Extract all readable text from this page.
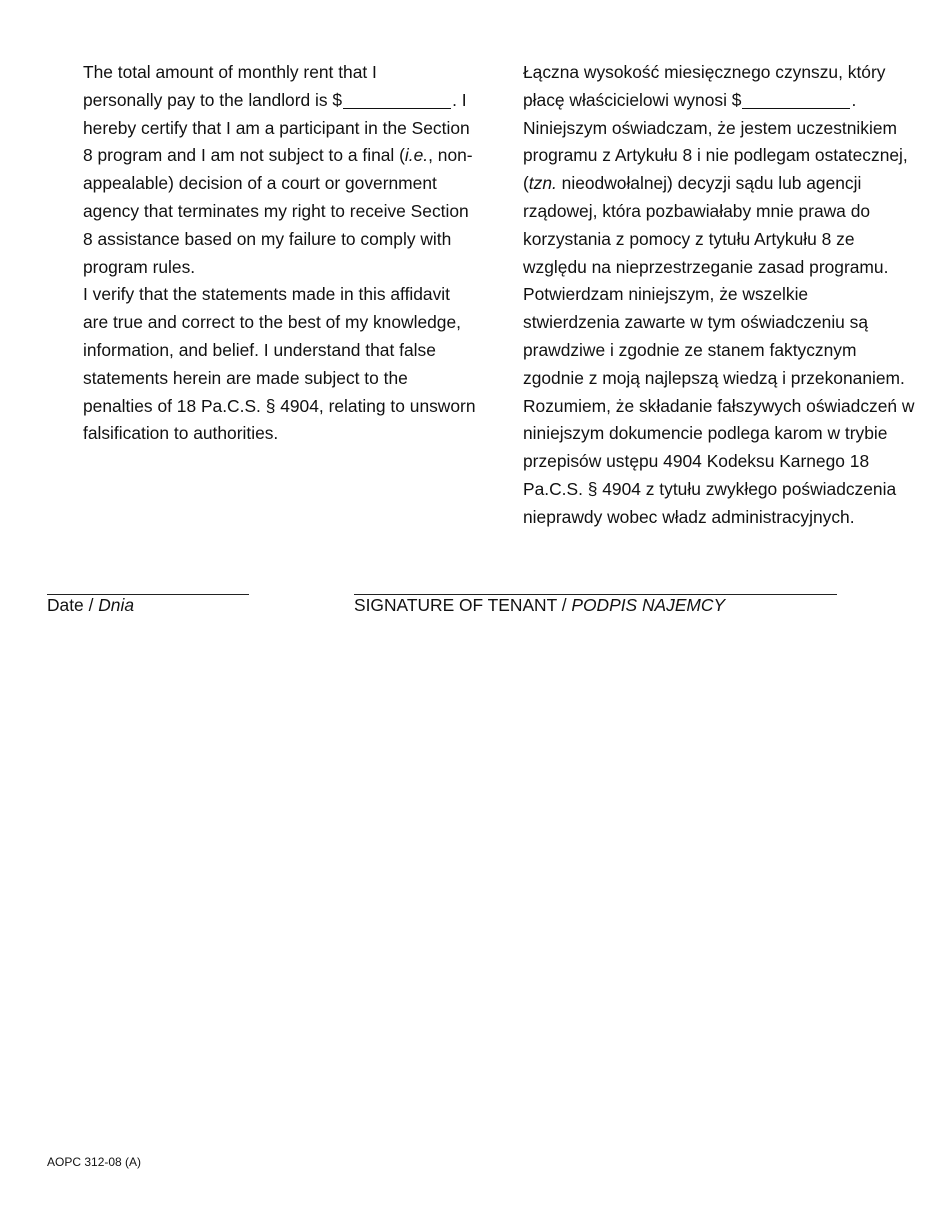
The total amount of monthly rent that I
personally pay to the landlord is $	. I
hereby certify that I am a participant in the Section
8 program and I am not subject to a final (i.e., non-
appealable) decision of a court or government
agency that terminates my right to receive Section
8 assistance based on my failure to comply with
program rules.

I verify that the statements made in this affidavit
are true and correct to the best of my knowledge,
information, and belief. I understand that false
statements herein are made subject to the
penalties of 18 Pa.C.S. § 4904, relating to unsworn
falsification to authorities.

Łączna wysokość miesięcznego czynszu, który
płacę właścicielowi wynosi $	.
Niniejszym oświadczam, że jestem uczestnikiem
programu z Artykułu 8 i nie podlegam ostatecznej,
(tzn. nieodwołalnej) decyzji sądu lub agencji
rządowej, która pozbawiałaby mnie prawa do
korzystania z pomocy z tytułu Artykułu 8 ze
względu na nieprzestrzeganie zasad programu.

Potwierdzam niniejszym, że wszelkie
stwierdzenia zawarte w tym oświadczeniu są
prawdziwe i zgodnie ze stanem faktycznym
zgodnie z moją najlepszą wiedzą i przekonaniem.
Rozumiem, że składanie fałszywych oświadczeń w
niniejszym dokumencie podlega karom w trybie
przepisów ustępu 4904 Kodeksu Karnego 18
Pa.C.S. § 4904 z tytułu zwykłego poświadczenia
nieprawdy wobec władz administracyjnych.

Date / Dnia	SIGNATURE OF TENANT / PODPIS NAJEMCY
AOPC 312-08 (A)
